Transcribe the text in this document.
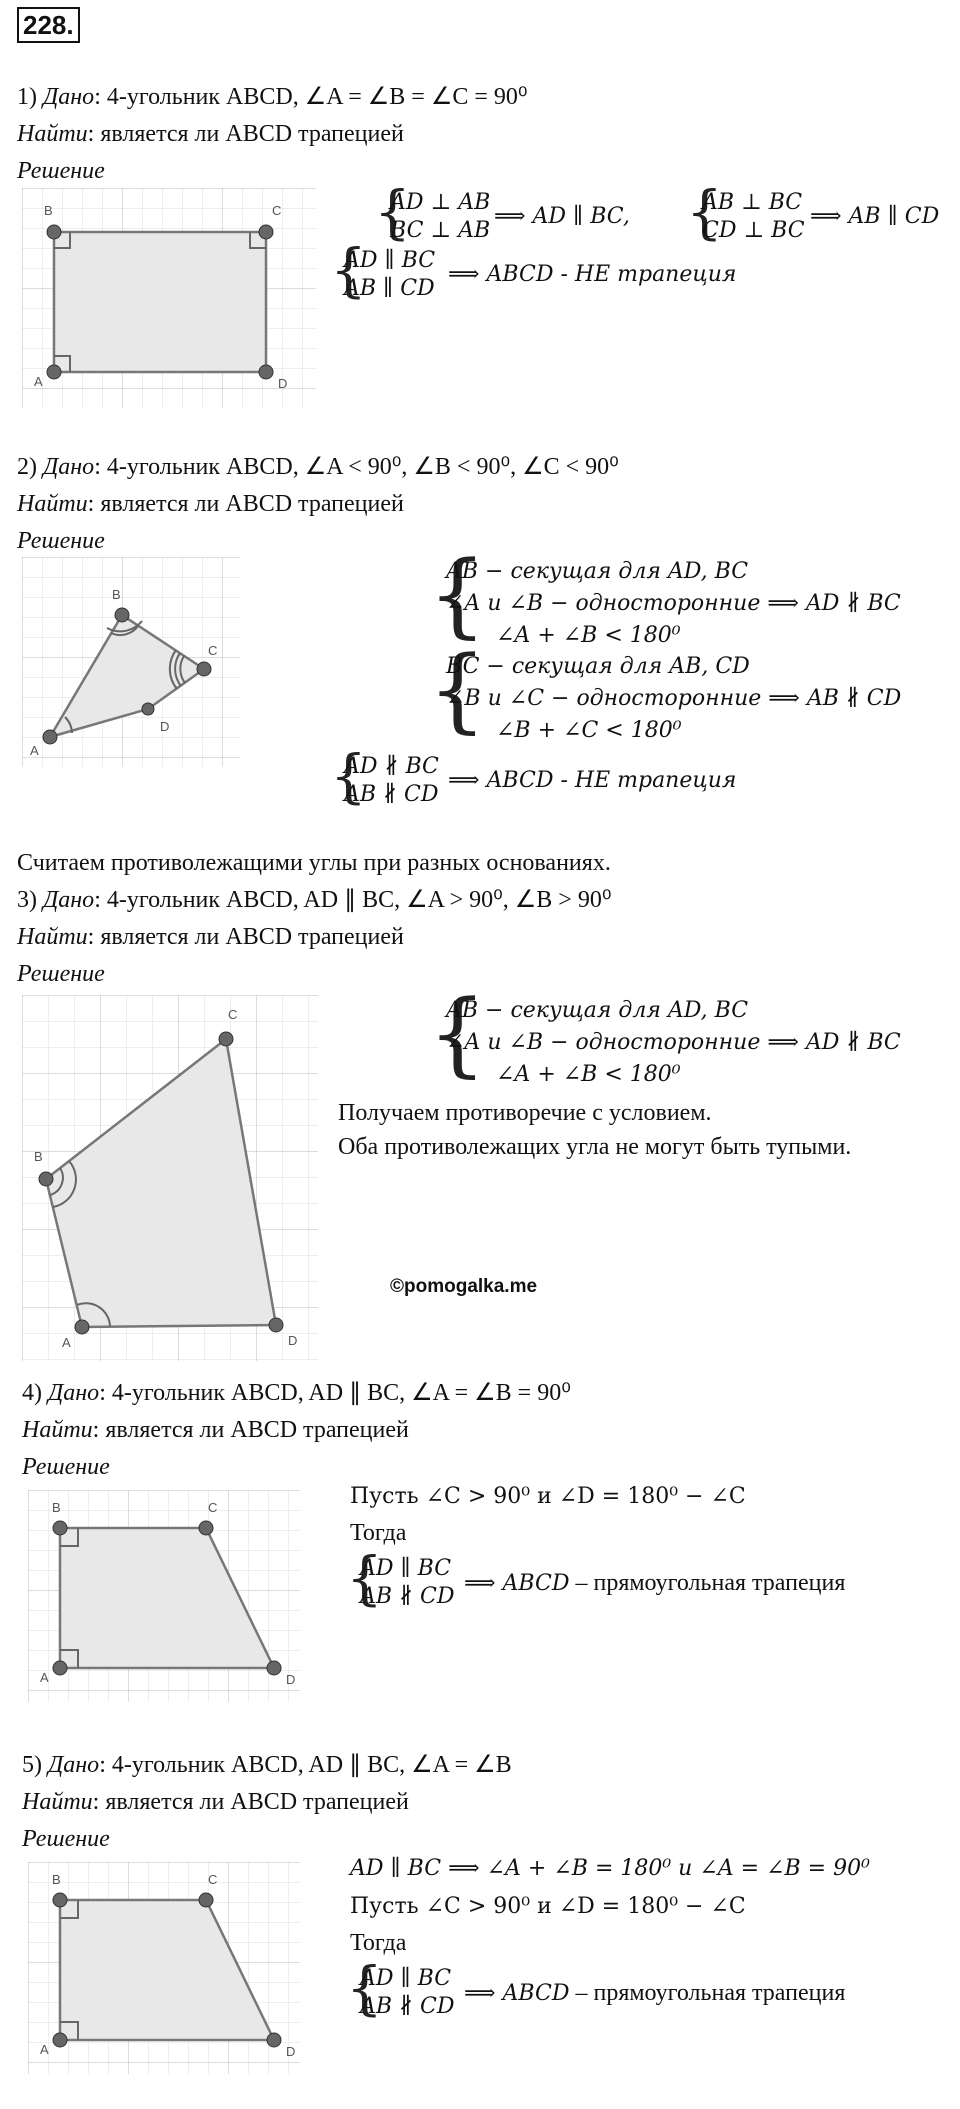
228.
1) Дано: 4-угольник ABCD, ∠A = ∠B = ∠C = 90⁰
Найти: является ли ABCD трапецией
Решение
B	C
A	D
{
AD ⊥ AB
BC ⊥ AB
⟹ AD ∥ BC, {
AB ⊥ BC
CD ⊥ BC
⟹ AB ∥ CD
{
AD ∥ BC
AB ∥ CD
⟹ ABCD - НЕ трапеция
2) Дано: 4-угольник ABCD, ∠A < 90⁰, ∠B < 90⁰, ∠C < 90⁰
Найти: является ли ABCD трапецией
Решение
B
C
A
D
{
AB − секущая для AD, BC
∠A и ∠B − односторонние ⟹ AD ∦ BC
∠A + ∠B < 180⁰
{
BC − секущая для AB, CD
∠B и ∠C − односторонние ⟹ AB ∦ CD
∠B + ∠C < 180⁰
{
AD ∦ BC
AB ∦ CD
⟹ ABCD - НЕ трапеция
Считаем противолежащими углы при разных основаниях.
3) Дано: 4-угольник ABCD, AD ∥ BC, ∠A > 90⁰, ∠B > 90⁰
Найти: является ли ABCD трапецией
Решение
B
C
A	D
{
AB − секущая для AD, BC
∠A и ∠B − односторонние ⟹ AD ∦ BC
∠A + ∠B < 180⁰
Получаем противоречие с условием.
Оба противолежащих угла не могут быть тупыми.
©pomogalka.me
4) Дано: 4-угольник ABCD, AD ∥ BC, ∠A = ∠B = 90⁰
Найти: является ли ABCD трапецией
Решение
B	C
A	D
Пусть ∠C > 90⁰ и ∠D = 180⁰ − ∠C
Тогда
{
AD ∥ BC
AB ∦ CD
⟹ ABCD – прямоугольная трапеция
5) Дано: 4-угольник ABCD, AD ∥ BC, ∠A = ∠B
Найти: является ли ABCD трапецией
Решение
B	C
A	D
AD ∥ BC ⟹ ∠A + ∠B = 180⁰ и ∠A = ∠B = 90⁰
Пусть ∠C > 90⁰ и ∠D = 180⁰ − ∠C
Тогда
{
AD ∥ BC
AB ∦ CD
⟹ ABCD – прямоугольная трапеция
